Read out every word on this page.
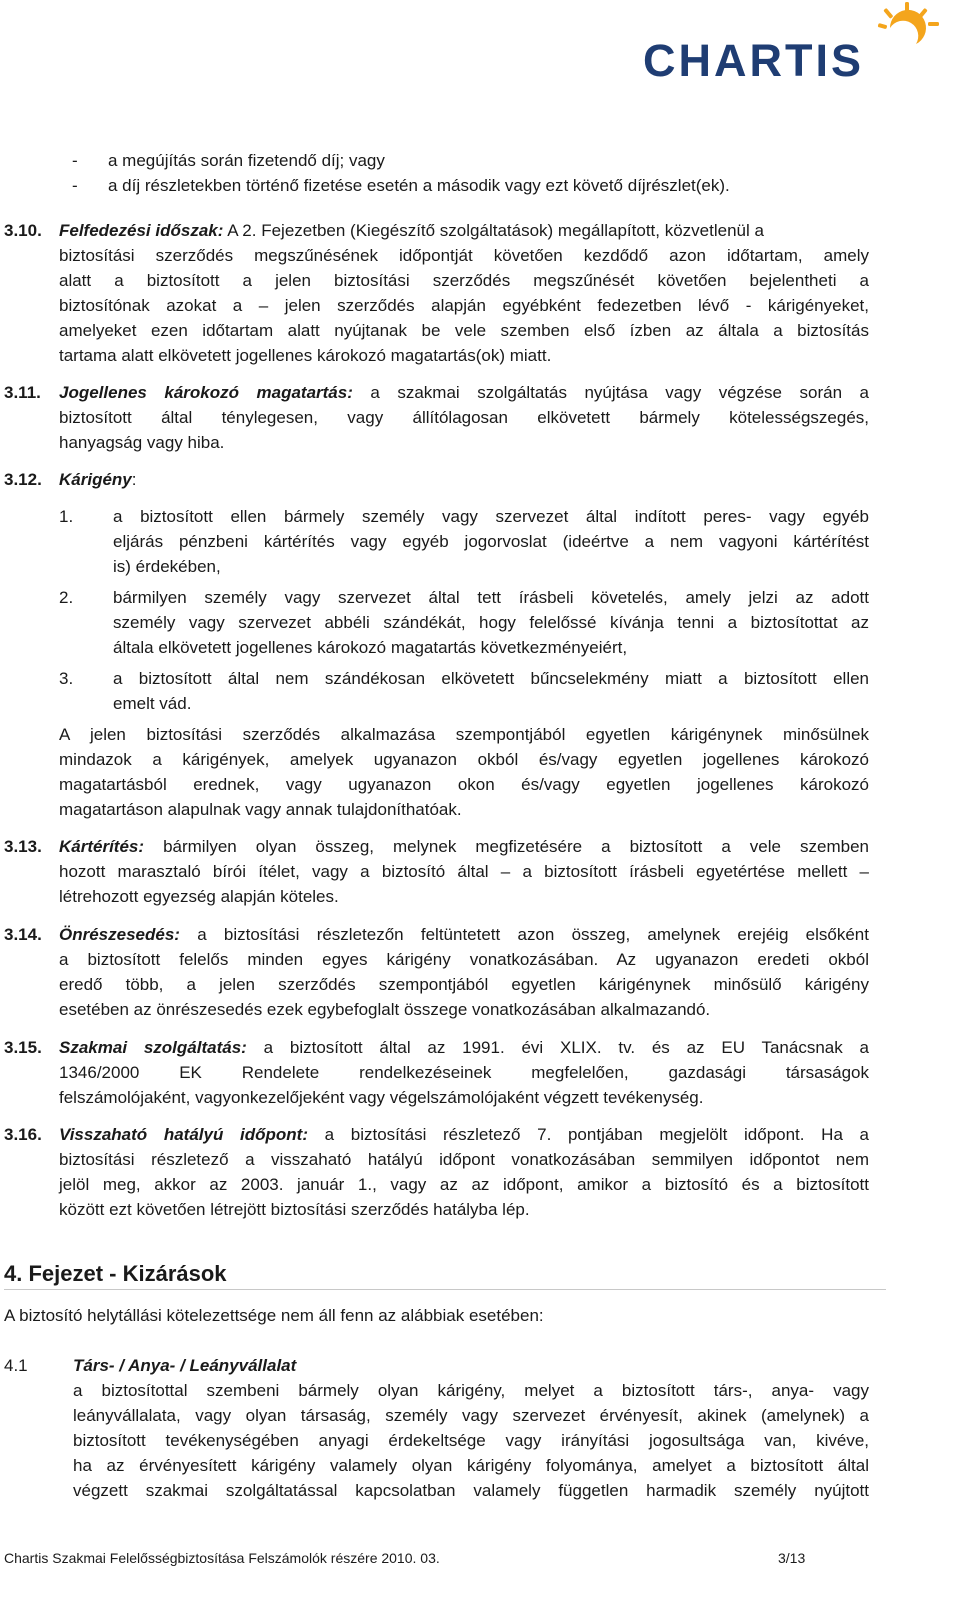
CHARTIS
- a megújítás során fizetendő díj; vagy
- a díj részletekben történő fizetése esetén a második vagy ezt követő díjrészlet(ek).
3.10. Felfedezési időszak: A 2. Fejezetben (Kiegészítő szolgáltatások) megállapított, közvetlenül a
biztosítási szerződés megszűnésének időpontját követően kezdődő azon időtartam, amely
alatt a biztosított a jelen biztosítási szerződés megszűnését követően bejelentheti a
biztosítónak azokat a – jelen szerződés alapján egyébként fedezetben lévő - kárigényeket,
amelyeket ezen időtartam alatt nyújtanak be vele szemben első ízben az általa a biztosítás
tartama alatt elkövetett jogellenes károkozó magatartás(ok) miatt.
3.11. Jogellenes károkozó magatartás: a szakmai szolgáltatás nyújtása vagy végzése során a
biztosított által ténylegesen, vagy állítólagosan elkövetett bármely kötelességszegés,
hanyagság vagy hiba.
3.12. Kárigény:
1. a biztosított ellen bármely személy vagy szervezet által indított peres- vagy egyéb
eljárás pénzbeni kártérítés vagy egyéb jogorvoslat (ideértve a nem vagyoni kártérítést
is) érdekében,
2. bármilyen személy vagy szervezet által tett írásbeli követelés, amely jelzi az adott
személy vagy szervezet abbéli szándékát, hogy felelőssé kívánja tenni a biztosítottat az
általa elkövetett jogellenes károkozó magatartás következményeiért,
3. a biztosított által nem szándékosan elkövetett bűncselekmény miatt a biztosított ellen
emelt vád.
A jelen biztosítási szerződés alkalmazása szempontjából egyetlen kárigénynek minősülnek
mindazok a kárigények, amelyek ugyanazon okból és/vagy egyetlen jogellenes károkozó
magatartásból erednek, vagy ugyanazon okon és/vagy egyetlen jogellenes károkozó
magatartáson alapulnak vagy annak tulajdoníthatóak.
3.13. Kártérítés: bármilyen olyan összeg, melynek megfizetésére a biztosított a vele szemben
hozott marasztaló bírói ítélet, vagy a biztosító által – a biztosított írásbeli egyetértése mellett –
létrehozott egyezség alapján köteles.
3.14. Önrészesedés: a biztosítási részletezőn feltüntetett azon összeg, amelynek erejéig elsőként
a biztosított felelős minden egyes kárigény vonatkozásában. Az ugyanazon eredeti okból
eredő több, a jelen szerződés szempontjából egyetlen kárigénynek minősülő kárigény
esetében az önrészesedés ezek egybefoglalt összege vonatkozásában alkalmazandó.
3.15. Szakmai szolgáltatás: a biztosított által az 1991. évi XLIX. tv. és az EU Tanácsnak a
1346/2000 EK Rendelete rendelkezéseinek megfelelően, gazdasági társaságok
felszámolójaként, vagyonkezelőjeként vagy végelszámolójaként végzett tevékenység.
3.16. Visszaható hatályú időpont: a biztosítási részletező 7. pontjában megjelölt időpont. Ha a
biztosítási részletező a visszaható hatályú időpont vonatkozásában semmilyen időpontot nem
jelöl meg, akkor az 2003. január 1., vagy az az időpont, amikor a biztosító és a biztosított
között ezt követően létrejött biztosítási szerződés hatályba lép.
4. Fejezet - Kizárások
A biztosító helytállási kötelezettsége nem áll fenn az alábbiak esetében:
4.1	Társ- / Anya- / Leányvállalat
a biztosítottal szembeni bármely olyan kárigény, melyet a biztosított társ-, anya- vagy
leányvállalata, vagy olyan társaság, személy vagy szervezet érvényesít, akinek (amelynek) a
biztosított tevékenységében anyagi érdekeltsége vagy irányítási jogosultsága van, kivéve,
ha az érvényesített kárigény valamely olyan kárigény folyománya, amelyet a biztosított által
végzett szakmai szolgáltatással kapcsolatban valamely független harmadik személy nyújtott
Chartis Szakmai Felelősségbiztosítása Felszámolók részére 2010. 03.	3/13
